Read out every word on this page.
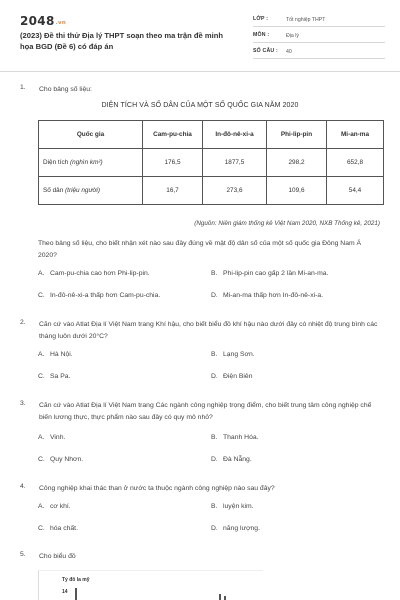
2048.vn
(2023) Đề thi thử Địa lý THPT soạn theo ma trận đề minh họa BGD (Đề 6) có đáp án
LỚP :	Tốt nghiệp THPT
MÔN :	Địa lý
SỐ CÂU : 40
1. Cho bảng số liệu:
DIỆN TÍCH VÀ SỐ DÂN CỦA MỘT SỐ QUỐC GIA NĂM 2020
Quốc gia	Cam-pu-chia	In-đô-nê-xi-a	Phi-lip-pin	Mi-an-ma
Diện tích (nghìn km²)	176,5	1877,5	298,2	652,8
Số dân (triệu người)	16,7	273,6	109,6	54,4
(Nguồn: Niên giám thống kê Việt Nam 2020, NXB Thống kê, 2021)
Theo bảng số liệu, cho biết nhận xét nào sau đây đúng về mật độ dân số của một số quốc gia Đông Nam Á 2020?
A. Cam-pu-chia cao hơn Phi-lip-pin.	B. Phi-lip-pin cao gấp 2 lần Mi-an-ma.
C. In-đô-nê-xi-a thấp hơn Cam-pu-chia.	D. Mi-an-ma thấp hơn In-đô-nê-xi-a.
2. Căn cứ vào Atlat Địa lí Việt Nam trang Khí hậu, cho biết biểu đồ khí hậu nào dưới đây có nhiệt độ trung bình các tháng luôn dưới 20°C?
A. Hà Nội.	B. Lạng Sơn.
C. Sa Pa.	D. Điện Biên
3. Căn cứ vào Atlat Địa lí Việt Nam trang Các ngành công nghiệp trọng điểm, cho biết trung tâm công nghiệp chế biến lương thực, thực phẩm nào sau đây có quy mô nhỏ?
A. Vinh.	B. Thanh Hóa.
C. Quy Nhơn.	D. Đà Nẵng.
4. Công nghiệp khai thác than ở nước ta thuộc ngành công nghiệp nào sau đây?
A. cơ khí.	B. luyện kim.
C. hóa chất.	D. năng lượng.
5. Cho biểu đồ
Tỷ đô la mỹ
14
